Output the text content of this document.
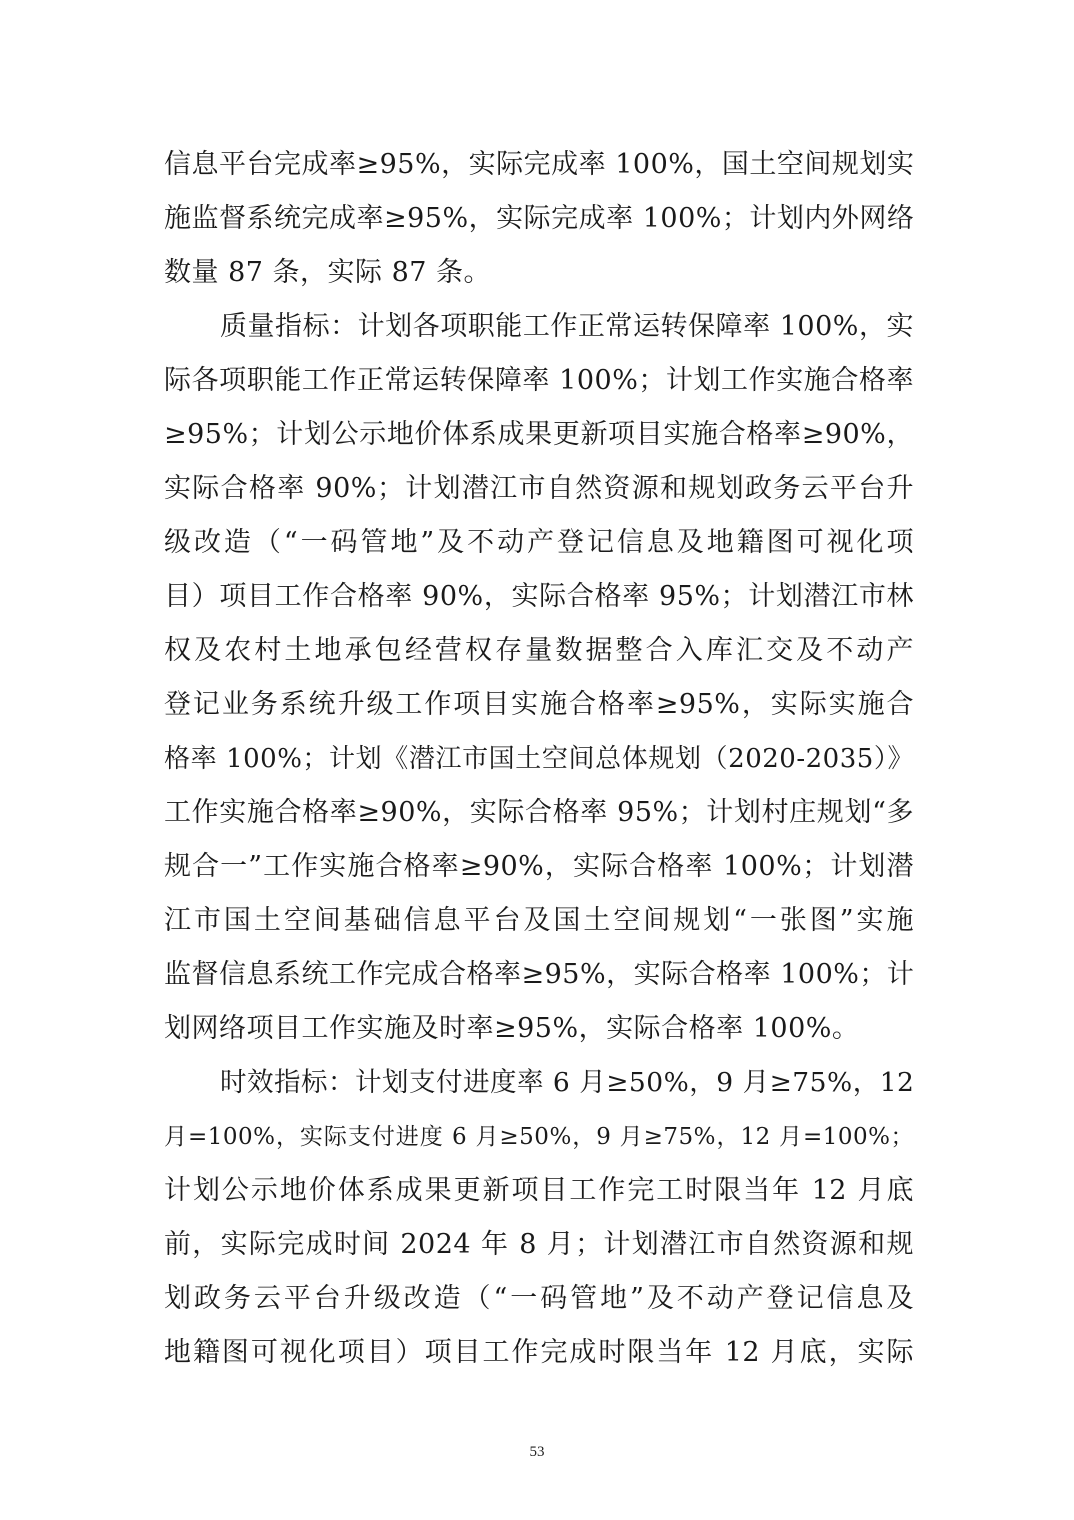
信息平台完成率≥95%，实际完成率 100%，国土空间规划实
施监督系统完成率≥95%，实际完成率 100%；计划内外网络
数量 87 条，实际 87 条。
质量指标：计划各项职能工作正常运转保障率 100%，实
际各项职能工作正常运转保障率 100%；计划工作实施合格率
≥95%；计划公示地价体系成果更新项目实施合格率≥90%，
实际合格率 90%；计划潜江市自然资源和规划政务云平台升
级改造（“一码管地”及不动产登记信息及地籍图可视化项
目）项目工作合格率 90%，实际合格率 95%；计划潜江市林
权及农村土地承包经营权存量数据整合入库汇交及不动产
登记业务系统升级工作项目实施合格率≥95%，实际实施合
格率 100%；计划《潜江市国土空间总体规划（2020-2035）》
工作实施合格率≥90%，实际合格率 95%；计划村庄规划“多
规合一”工作实施合格率≥90%，实际合格率 100%；计划潜
江市国土空间基础信息平台及国土空间规划“一张图”实施
监督信息系统工作完成合格率≥95%，实际合格率 100%；计
划网络项目工作实施及时率≥95%，实际合格率 100%。
时效指标：计划支付进度率 6 月≥50%，9 月≥75%，12
月=100%，实际支付进度 6 月≥50%，9 月≥75%，12 月=100%；
计划公示地价体系成果更新项目工作完工时限当年 12 月底
前，实际完成时间 2024 年 8 月；计划潜江市自然资源和规
划政务云平台升级改造（“一码管地”及不动产登记信息及
地籍图可视化项目）项目工作完成时限当年 12 月底，实际
53
